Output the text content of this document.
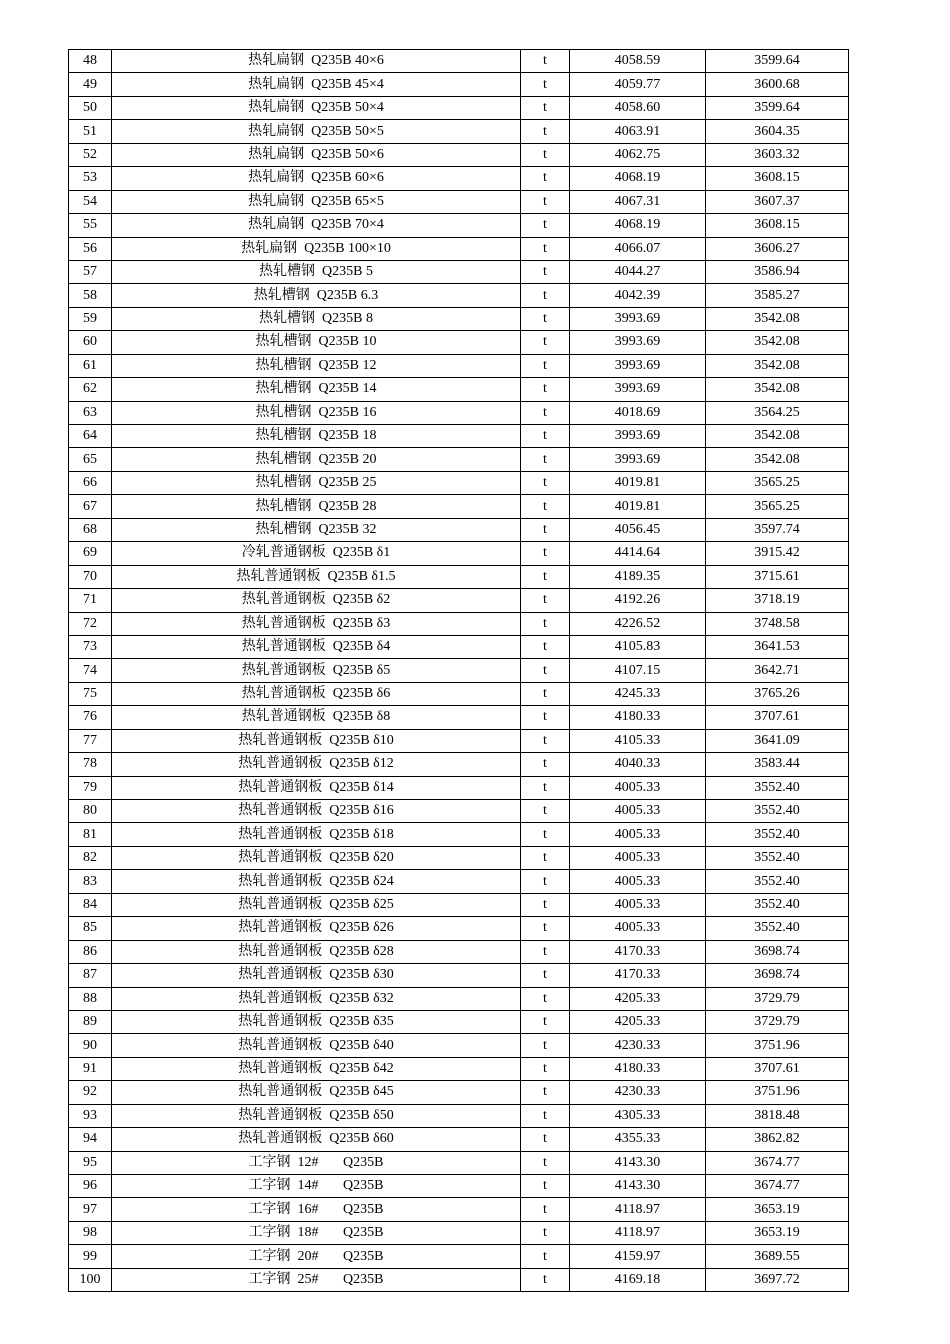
48	热轧扁钢  Q235B 40×6	t	4058.59	3599.64
49	热轧扁钢  Q235B 45×4	t	4059.77	3600.68
50	热轧扁钢  Q235B 50×4	t	4058.60	3599.64
51	热轧扁钢  Q235B 50×5	t	4063.91	3604.35
52	热轧扁钢  Q235B 50×6	t	4062.75	3603.32
53	热轧扁钢  Q235B 60×6	t	4068.19	3608.15
54	热轧扁钢  Q235B 65×5	t	4067.31	3607.37
55	热轧扁钢  Q235B 70×4	t	4068.19	3608.15
56	热轧扁钢  Q235B 100×10	t	4066.07	3606.27
57	热轧槽钢  Q235B 5	t	4044.27	3586.94
58	热轧槽钢  Q235B 6.3	t	4042.39	3585.27
59	热轧槽钢  Q235B 8	t	3993.69	3542.08
60	热轧槽钢  Q235B 10	t	3993.69	3542.08
61	热轧槽钢  Q235B 12	t	3993.69	3542.08
62	热轧槽钢  Q235B 14	t	3993.69	3542.08
63	热轧槽钢  Q235B 16	t	4018.69	3564.25
64	热轧槽钢  Q235B 18	t	3993.69	3542.08
65	热轧槽钢  Q235B 20	t	3993.69	3542.08
66	热轧槽钢  Q235B 25	t	4019.81	3565.25
67	热轧槽钢  Q235B 28	t	4019.81	3565.25
68	热轧槽钢  Q235B 32	t	4056.45	3597.74
69	冷轧普通钢板  Q235B δ1	t	4414.64	3915.42
70	热轧普通钢板  Q235B δ1.5	t	4189.35	3715.61
71	热轧普通钢板  Q235B δ2	t	4192.26	3718.19
72	热轧普通钢板  Q235B δ3	t	4226.52	3748.58
73	热轧普通钢板  Q235B δ4	t	4105.83	3641.53
74	热轧普通钢板  Q235B δ5	t	4107.15	3642.71
75	热轧普通钢板  Q235B δ6	t	4245.33	3765.26
76	热轧普通钢板  Q235B δ8	t	4180.33	3707.61
77	热轧普通钢板  Q235B δ10	t	4105.33	3641.09
78	热轧普通钢板  Q235B δ12	t	4040.33	3583.44
79	热轧普通钢板  Q235B δ14	t	4005.33	3552.40
80	热轧普通钢板  Q235B δ16	t	4005.33	3552.40
81	热轧普通钢板  Q235B δ18	t	4005.33	3552.40
82	热轧普通钢板  Q235B δ20	t	4005.33	3552.40
83	热轧普通钢板  Q235B δ24	t	4005.33	3552.40
84	热轧普通钢板  Q235B δ25	t	4005.33	3552.40
85	热轧普通钢板  Q235B δ26	t	4005.33	3552.40
86	热轧普通钢板  Q235B δ28	t	4170.33	3698.74
87	热轧普通钢板  Q235B δ30	t	4170.33	3698.74
88	热轧普通钢板  Q235B δ32	t	4205.33	3729.79
89	热轧普通钢板  Q235B δ35	t	4205.33	3729.79
90	热轧普通钢板  Q235B δ40	t	4230.33	3751.96
91	热轧普通钢板  Q235B δ42	t	4180.33	3707.61
92	热轧普通钢板  Q235B δ45	t	4230.33	3751.96
93	热轧普通钢板  Q235B δ50	t	4305.33	3818.48
94	热轧普通钢板  Q235B δ60	t	4355.33	3862.82
95	工字钢  12#       Q235B	t	4143.30	3674.77
96	工字钢  14#       Q235B	t	4143.30	3674.77
97	工字钢  16#       Q235B	t	4118.97	3653.19
98	工字钢  18#       Q235B	t	4118.97	3653.19
99	工字钢  20#       Q235B	t	4159.97	3689.55
100	工字钢  25#       Q235B	t	4169.18	3697.72
